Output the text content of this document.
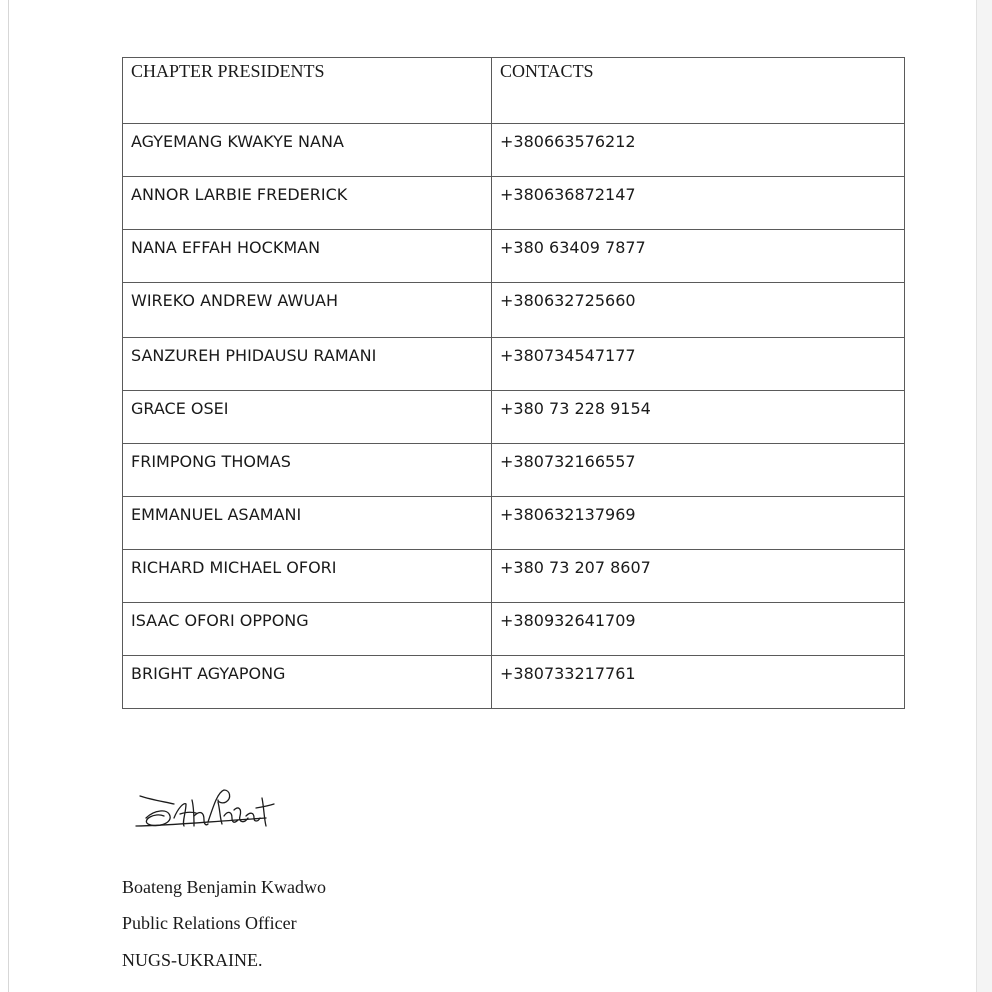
CHAPTER PRESIDENTS	CONTACTS
AGYEMANG KWAKYE NANA	+380663576212
ANNOR LARBIE FREDERICK	+380636872147
NANA EFFAH HOCKMAN	+380 63409 7877
WIREKO ANDREW AWUAH	+380632725660
SANZUREH PHIDAUSU RAMANI	+380734547177
GRACE OSEI	+380 73 228 9154
FRIMPONG THOMAS	+380732166557
EMMANUEL ASAMANI	+380632137969
RICHARD MICHAEL OFORI	+380 73 207 8607
ISAAC OFORI OPPONG	+380932641709
BRIGHT AGYAPONG	+380733217761
Boateng Benjamin Kwadwo
Public Relations Officer
NUGS-UKRAINE.
